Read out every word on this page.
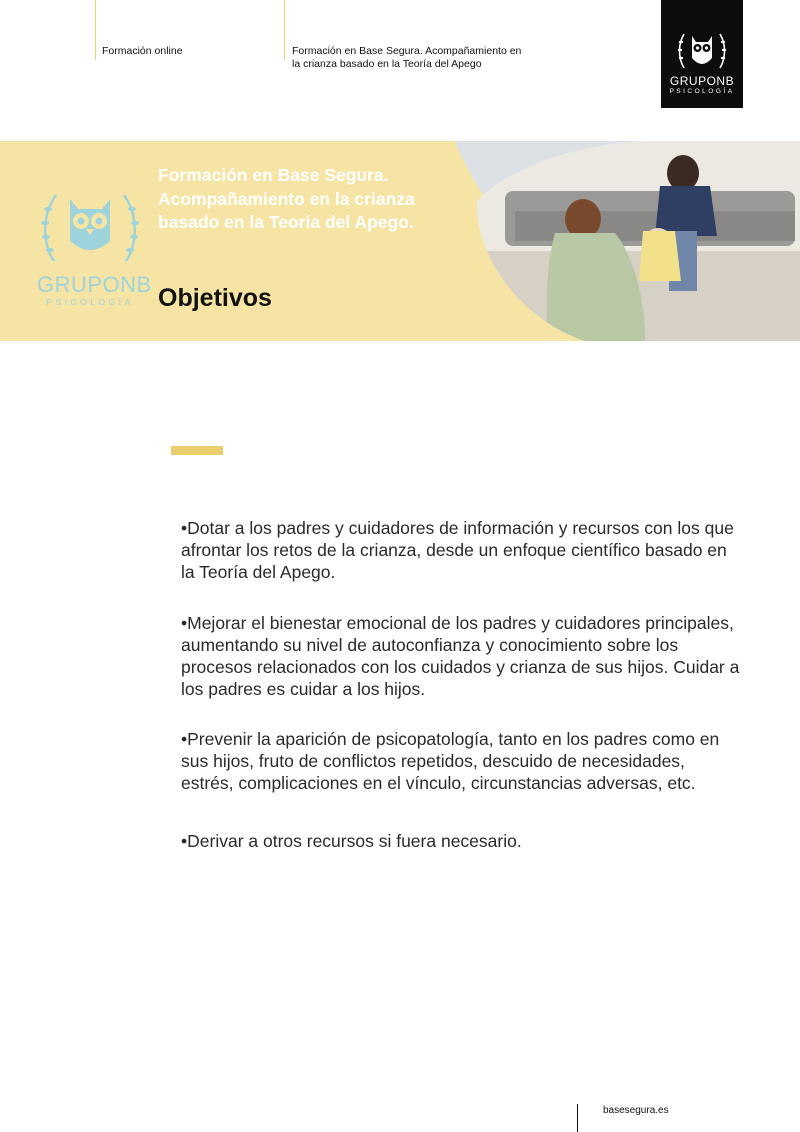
Formación online	Formación en Base Segura. Acompañamiento en la crianza basado en la Teoría del Apego
GRUPONB
PSICOLOGÍA
GRUPONB
PSICOLOGÍA
Formación en Base Segura. Acompañamiento en la crianza basado en la Teoría del Apego.
Objetivos
•Dotar a los padres y cuidadores de información y recursos con los que afrontar los retos de la crianza, desde un enfoque científico basado en la Teoría del Apego.
•Mejorar el bienestar emocional de los padres y cuidadores principales, aumentando su nivel de autoconfianza y conocimiento sobre los procesos relacionados con los cuidados y crianza de sus hijos. Cuidar a los padres es cuidar a los hijos.
•Prevenir la aparición de psicopatología, tanto en los padres como en sus hijos, fruto de conflictos repetidos, descuido de necesidades, estrés, complicaciones en el vínculo, circunstancias adversas, etc.
•Derivar a otros recursos si fuera necesario.
basesegura.es
